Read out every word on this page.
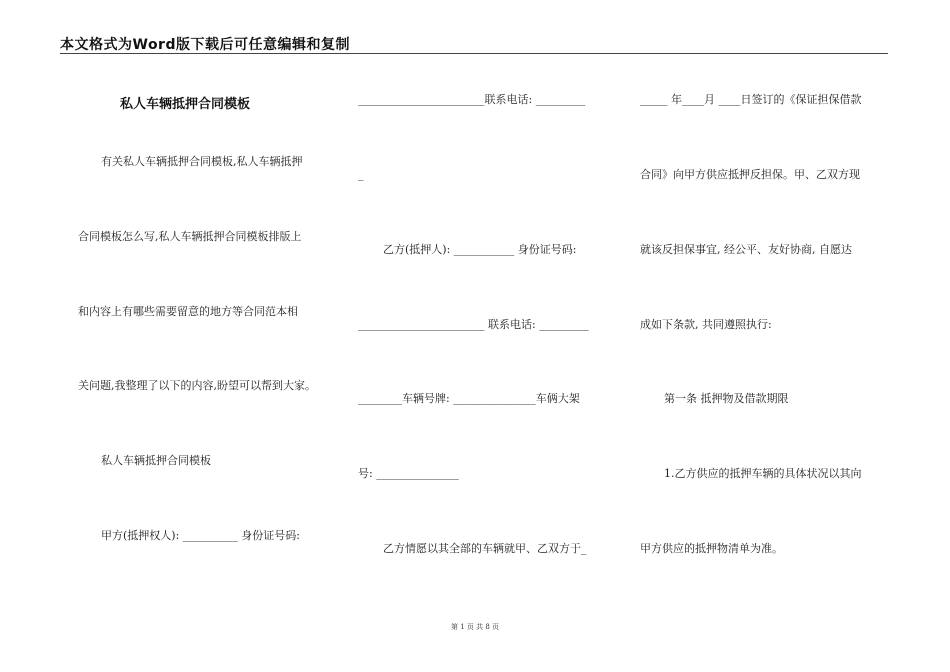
本文格式为Word版下载后可任意编辑和复制
私人车辆抵押合同模板
有关私人车辆抵押合同模板,私人车辆抵押
合同模板怎么写,私人车辆抵押合同模板排版上
和内容上有哪些需要留意的地方等合同范本相
关问题,我整理了以下的内容,盼望可以帮到大家。
私人车辆抵押合同模板
甲方(抵押权人): __________ 身份证号码:
_______________________联系电话: _________
_
乙方(抵押人): ___________ 身份证号码:
_______________________ 联系电话: _________
________车辆号牌: _______________车俩大架
号: _______________
乙方情愿以其全部的车辆就甲、乙双方于_
_____ 年____月 ____日签订的《保证担保借款
合同》向甲方供应抵押反担保。甲、乙双方现
就该反担保事宜, 经公平、友好协商, 自愿达
成如下条款, 共同遵照执行:
第一条 抵押物及借款期限
1.乙方供应的抵押车辆的具体状况以其向
甲方供应的抵押物清单为准。
第 1 页 共 8 页
